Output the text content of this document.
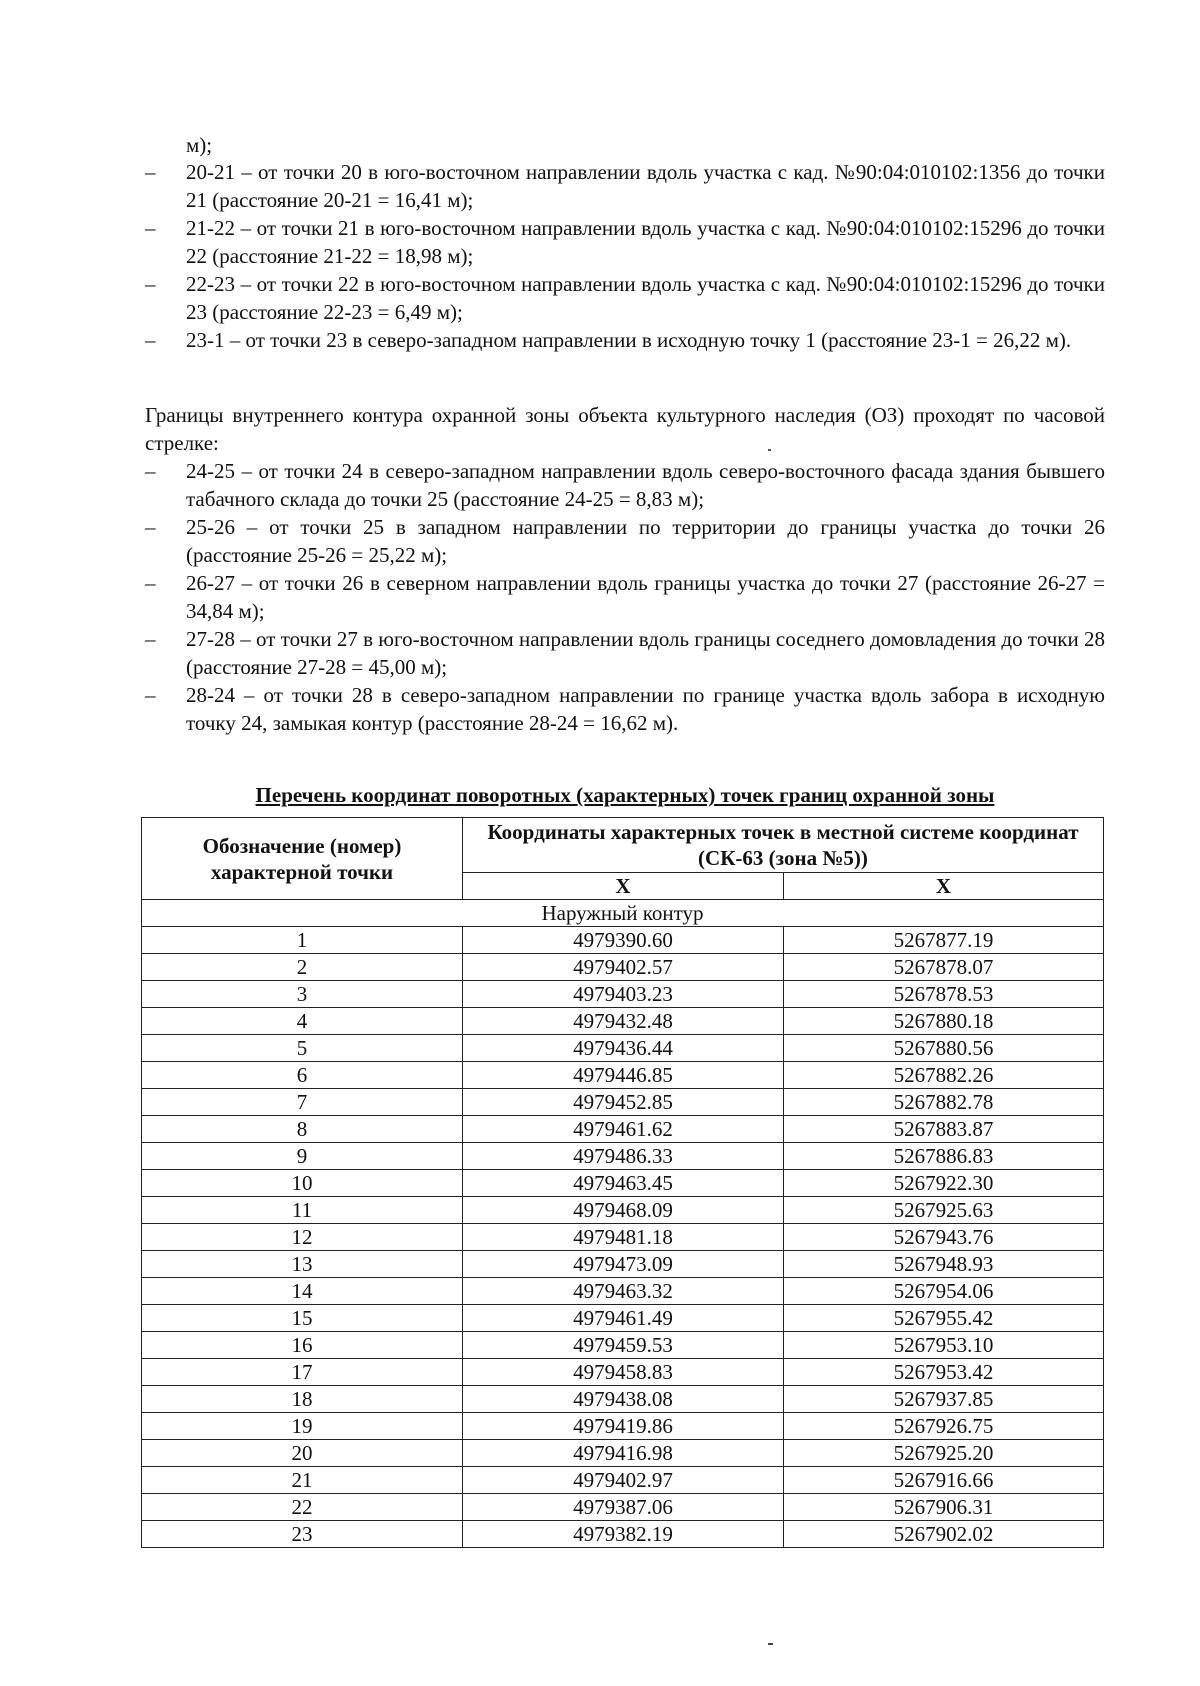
м);
– 20-21 – от точки 20 в юго-восточном направлении вдоль участка с кад. №90:04:010102:1356 до точки 21 (расстояние 20-21 = 16,41 м);
– 21-22 – от точки 21 в юго-восточном направлении вдоль участка с кад. №90:04:010102:15296 до точки 22 (расстояние 21-22 = 18,98 м);
– 22-23 – от точки 22 в юго-восточном направлении вдоль участка с кад. №90:04:010102:15296 до точки 23 (расстояние 22-23 = 6,49 м);
– 23-1 – от точки 23 в северо-западном направлении в исходную точку 1 (расстояние 23-1 = 26,22 м).

Границы внутреннего контура охранной зоны объекта культурного наследия (ОЗ) проходят по часовой стрелке:

– 24-25 – от точки 24 в северо-западном направлении вдоль северо-восточного фасада здания бывшего табачного склада до точки 25 (расстояние 24-25 = 8,83 м);
– 25-26 – от точки 25 в западном направлении по территории до границы участка до точки 26 (расстояние 25-26 = 25,22 м);
– 26-27 – от точки 26 в северном направлении вдоль границы участка до точки 27 (расстояние 26-27 = 34,84 м);
– 27-28 – от точки 27 в юго-восточном направлении вдоль границы соседнего домовладения до точки 28 (расстояние 27-28 = 45,00 м);
– 28-24 – от точки 28 в северо-западном направлении по границе участка вдоль забора в исходную точку 24, замыкая контур (расстояние 28-24 = 16,62 м).
Перечень координат поворотных (характерных) точек границ охранной зоны
Обозначение (номер) характерной точки	Координаты характерных точек в местной системе координат (СК-63 (зона №5))	
	X	X
Наружный контур		
1	4979390.60	5267877.19
2	4979402.57	5267878.07
3	4979403.23	5267878.53
4	4979432.48	5267880.18
5	4979436.44	5267880.56
6	4979446.85	5267882.26
7	4979452.85	5267882.78
8	4979461.62	5267883.87
9	4979486.33	5267886.83
10	4979463.45	5267922.30
11	4979468.09	5267925.63
12	4979481.18	5267943.76
13	4979473.09	5267948.93
14	4979463.32	5267954.06
15	4979461.49	5267955.42
16	4979459.53	5267953.10
17	4979458.83	5267953.42
18	4979438.08	5267937.85
19	4979419.86	5267926.75
20	4979416.98	5267925.20
21	4979402.97	5267916.66
22	4979387.06	5267906.31
23	4979382.19	5267902.02
